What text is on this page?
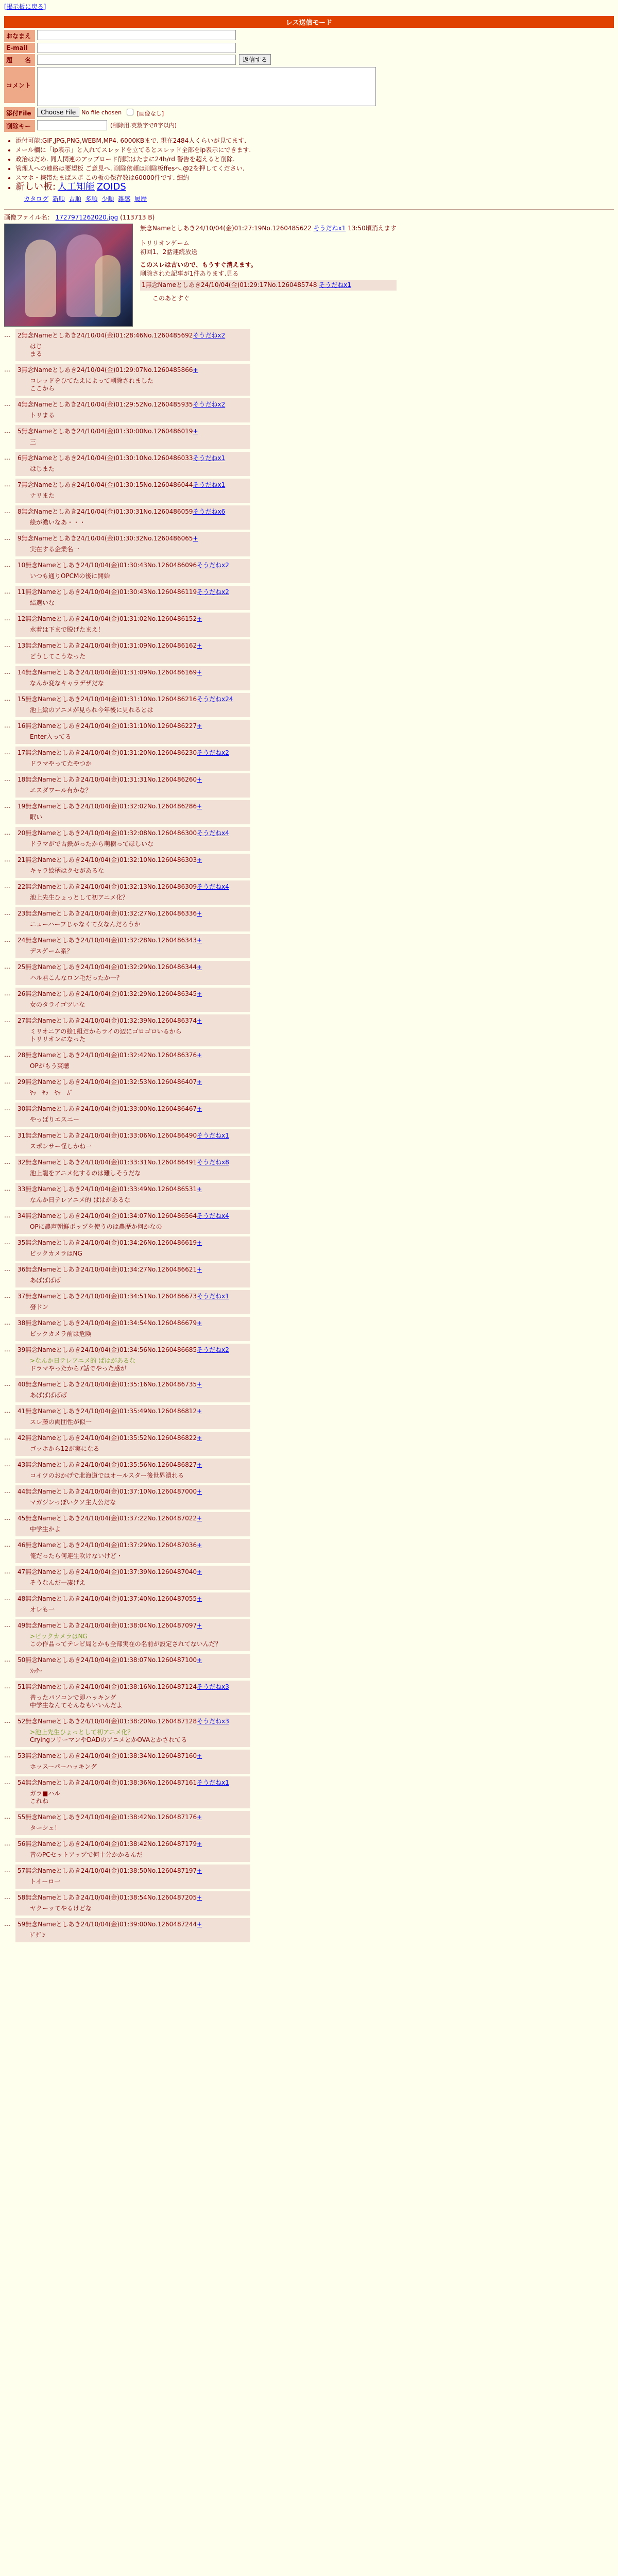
[掲示板に戻る]
レス送信モード
おなまえ
E-mail
題　　名	返信する
コメント
添付File	Choose File	No file chosen	[画像なし]
削除キー	(削除用.英数字で8字以内)
• 添付可能:GIF,JPG,PNG,WEBM,MP4. 6000KBまで. 現在2484人くらいが見てます.
• メール欄に「ip表示」と入れてスレッドを立てるとスレッド全部をip表示にできます.
• 政治はだめ. 同人関連のアップロード削除はたまに24h/rd 警告を超えると削除.
• 管理人への連絡は要望板 ご意見へ. 削除依頼は削除板ffesへ.@2を押してください.
• スマホ・携帯たまばスポ この板の保存数は60000件です. 細約
• 新しい板: 人工知能 ZOIDS
カタログ 新順 古順 多順 少順 雑感 履歴
画像ファイル名： 1727971262020.jpg (113713 B)
無念Nameとしあき24/10/04(金)01:27:19No.1260485622 そうだねx1 13:50頃消えます
トリリオンゲーム
初回1、2話連続放送
このスレは古いので、もうすぐ消えます。
削除された記事が1件あります.見る
1無念Nameとしあき24/10/04(金)01:29:17No.1260485748 そうだねx1
このあとすぐ
…	2無念Nameとしあき24/10/04(金)01:28:46No.1260485692そうだねx2
はじ
まる
…	3無念Nameとしあき24/10/04(金)01:29:07No.1260485866+
コレッドをひてたえによって削除されました
ここから
…	4無念Nameとしあき24/10/04(金)01:29:52No.1260485935そうだねx2
トリまる
…	5無念Nameとしあき24/10/04(金)01:30:00No.1260486019+
三
…	6無念Nameとしあき24/10/04(金)01:30:10No.1260486033そうだねx1
はじまた
…	7無念Nameとしあき24/10/04(金)01:30:15No.1260486044そうだねx1
ナリまた
…	8無念Nameとしあき24/10/04(金)01:30:31No.1260486059そうだねx6
絵が濃いなあ・・・
…	9無念Nameとしあき24/10/04(金)01:30:32No.1260486065+
実在する企業名一
…	10無念Nameとしあき24/10/04(金)01:30:43No.1260486096そうだねx2
いつも通りOPCMの後に開始
…	11無念Nameとしあき24/10/04(金)01:30:43No.1260486119そうだねx2
結選いな
…	12無念Nameとしあき24/10/04(金)01:31:02No.1260486152+
水着は下まで脱げたまえ！
…	13無念Nameとしあき24/10/04(金)01:31:09No.1260486162+
どうしてこうなった
…	14無念Nameとしあき24/10/04(金)01:31:09No.1260486169+
なんか変なキャラデザだな
…	15無念Nameとしあき24/10/04(金)01:31:10No.1260486216そうだねx24
池上絵のアニメが見られ今年後に見れるとは
…	16無念Nameとしあき24/10/04(金)01:31:10No.1260486227+
Enter入ってる
…	17無念Nameとしあき24/10/04(金)01:31:20No.1260486230そうだねx2
ドラマやってたやつか
…	18無念Nameとしあき24/10/04(金)01:31:31No.1260486260+
エスダワール有かな？
…	19無念Nameとしあき24/10/04(金)01:32:02No.1260486286+
眠い
…	20無念Nameとしあき24/10/04(金)01:32:08No.1260486300そうだねx4
ドラマがで古鉄がったから萌樹ってほしいな
…	21無念Nameとしあき24/10/04(金)01:32:10No.1260486303+
キャラ絵柄はクセがあるな
…	22無念Nameとしあき24/10/04(金)01:32:13No.1260486309そうだねx4
池上先生ひょっとして初アニメ化？
…	23無念Nameとしあき24/10/04(金)01:32:27No.1260486336+
ニューハーフじゃなくて女なんだろうか
…	24無念Nameとしあき24/10/04(金)01:32:28No.1260486343+
デスゲーム系？
…	25無念Nameとしあき24/10/04(金)01:32:29No.1260486344+
ハル君こんなロン毛だったか一？
…	26無念Nameとしあき24/10/04(金)01:32:29No.1260486345+
女のタライゴツいな
…	27無念Nameとしあき24/10/04(金)01:32:39No.1260486374+
ミリオニアの絵1組だからライの辺にゴロゴロいるから
トリリオンになった
…	28無念Nameとしあき24/10/04(金)01:32:42No.1260486376+
OPがもう爽聴
…	29無念Nameとしあき24/10/04(金)01:32:53No.1260486407+
ﾔｯ　ﾔｯ　ﾔｯ　ﾑﾞ
…	30無念Nameとしあき24/10/04(金)01:33:00No.1260486467+
やっぱりエスニー
…	31無念Nameとしあき24/10/04(金)01:33:06No.1260486490そうだねx1
スポンサー怪しかね一
…	32無念Nameとしあき24/10/04(金)01:33:31No.1260486491そうだねx8
池上龍をアニメ化するのは難しそうだな
…	33無念Nameとしあき24/10/04(金)01:33:49No.1260486531+
なんか日テレアニメ的 ぱはがあるな
…	34無念Nameとしあき24/10/04(金)01:34:07No.1260486564そうだねx4
OPに農声朝鮮ボップを使うのは農歴か何かなの
…	35無念Nameとしあき24/10/04(金)01:34:26No.1260486619+
ビックカメラはNG
…	36無念Nameとしあき24/10/04(金)01:34:27No.1260486621+
あばばばば
…	37無念Nameとしあき24/10/04(金)01:34:51No.1260486673そうだねx1
發ドン
…	38無念Nameとしあき24/10/04(金)01:34:54No.1260486679+
ビックカメラ前は危険
…	39無念Nameとしあき24/10/04(金)01:34:56No.1260486685そうだねx2
>なんか日テレアニメ的 ぱはがあるな
ドラマやったから7話でやった感が
…	40無念Nameとしあき24/10/04(金)01:35:16No.1260486735+
あばばばばば
…	41無念Nameとしあき24/10/04(金)01:35:49No.1260486812+
スレ藤の両団性が似一
…	42無念Nameとしあき24/10/04(金)01:35:52No.1260486822+
ゴッホから12が実になる
…	43無念Nameとしあき24/10/04(金)01:35:56No.1260486827+
コイツのおかげで北海道ではオールスター後世界潰れる
…	44無念Nameとしあき24/10/04(金)01:37:10No.1260487000+
マガジンっぽいクソ主人公だな
…	45無念Nameとしあき24/10/04(金)01:37:22No.1260487022+
中学生かよ
…	46無念Nameとしあき24/10/04(金)01:37:29No.1260487036+
俺だったら何連生吹けないけど・
…	47無念Nameとしあき24/10/04(金)01:37:39No.1260487040+
そうなんだ一凄げえ
…	48無念Nameとしあき24/10/04(金)01:37:40No.1260487055+
オレも一
…	49無念Nameとしあき24/10/04(金)01:38:04No.1260487097+
>ビックカメラはNG
この作品ってテレビ局とかも全部実在の名前が設定されてないんだ？
…	50無念Nameとしあき24/10/04(金)01:38:07No.1260487100+
ｽｯｹｰ
…	51無念Nameとしあき24/10/04(金)01:38:16No.1260487124そうだねx3
普ったパソコンで即ハッキング
中学生なんてそんなもいいんだよ
…	52無念Nameとしあき24/10/04(金)01:38:20No.1260487128そうだねx3
>池上先生ひょっとして初アニメ化？
CryingフリーマンやDADのアニメとかOVAとかされてる
…	53無念Nameとしあき24/10/04(金)01:38:34No.1260487160+
ホッスーパーハッキング
…	54無念Nameとしあき24/10/04(金)01:38:36No.1260487161そうだねx1
ガラ■ハル
これね
…	55無念Nameとしあき24/10/04(金)01:38:42No.1260487176+
ターシュ！
…	56無念Nameとしあき24/10/04(金)01:38:42No.1260487179+
昔のPCセットアップで何十分かかるんだ
…	57無念Nameとしあき24/10/04(金)01:38:50No.1260487197+
トイーロ一
…	58無念Nameとしあき24/10/04(金)01:38:54No.1260487205+
ヤクーッてやるけどな
…	59無念Nameとしあき24/10/04(金)01:39:00No.1260487244+
ﾄﾞｹﾞﾝ
